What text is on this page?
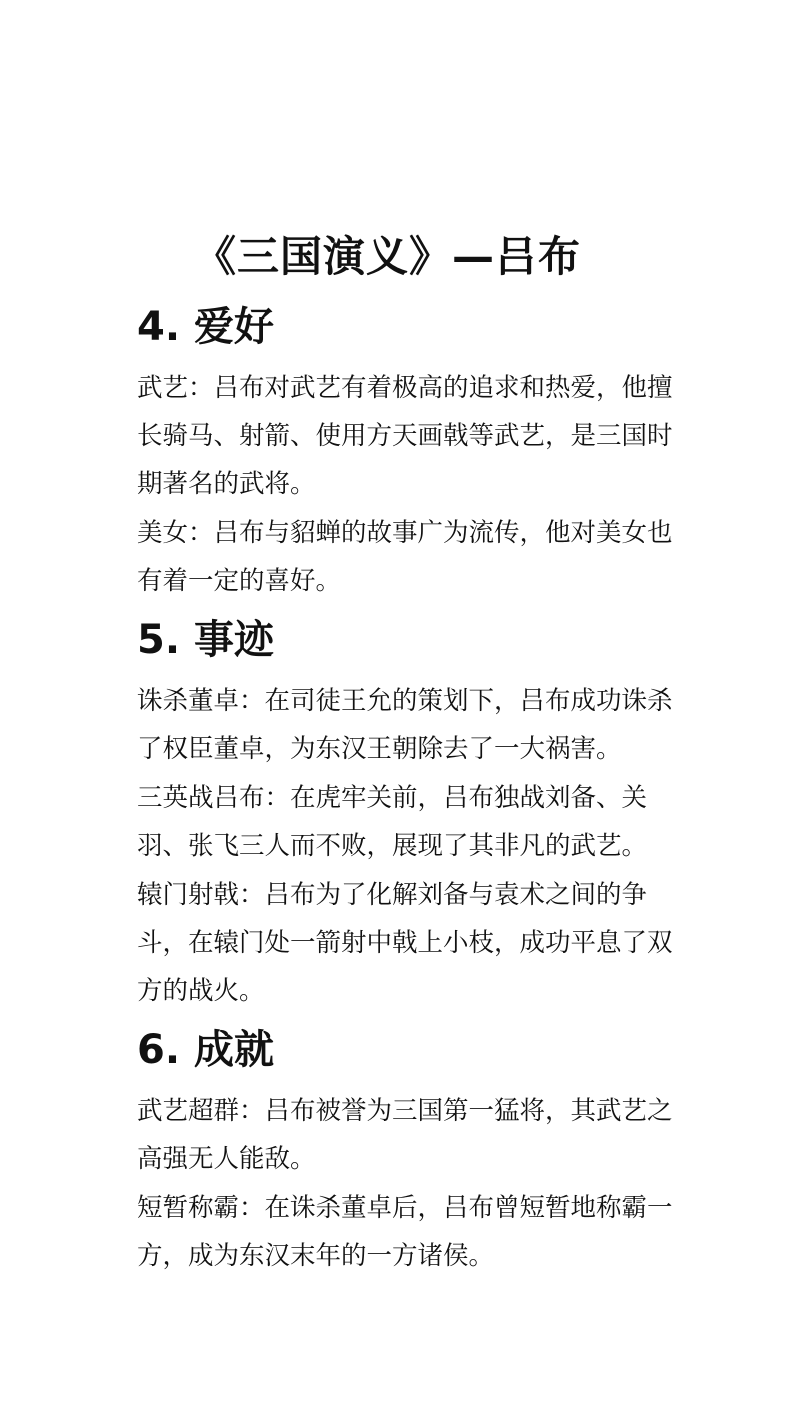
《三国演义》—吕布
4. 爱好

武艺：吕布对武艺有着极高的追求和热爱，他擅长骑马、射箭、使用方天画戟等武艺，是三国时期著名的武将。

美女：吕布与貂蝉的故事广为流传，他对美女也有着一定的喜好。

5. 事迹

诛杀董卓：在司徒王允的策划下，吕布成功诛杀了权臣董卓，为东汉王朝除去了一大祸害。

三英战吕布：在虎牢关前，吕布独战刘备、关羽、张飞三人而不败，展现了其非凡的武艺。

辕门射戟：吕布为了化解刘备与袁术之间的争斗，在辕门处一箭射中戟上小枝，成功平息了双方的战火。

6. 成就

武艺超群：吕布被誉为三国第一猛将，其武艺之高强无人能敌。

短暂称霸：在诛杀董卓后，吕布曾短暂地称霸一方，成为东汉末年的一方诸侯。
